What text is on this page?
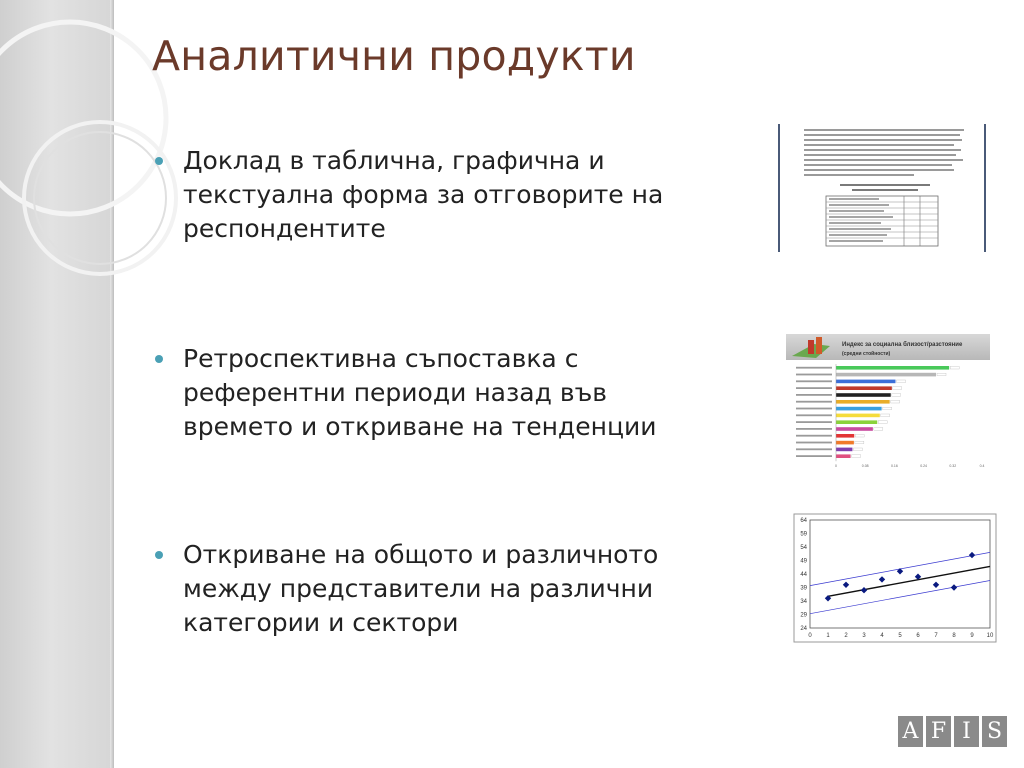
Аналитични продукти
Доклад в таблична, графична и
текстуална форма за отговорите на
респондентите
Ретроспективна съпоставка с
референтни периоди назад във
времето и откриване на тенденции
Откриване на общото и различното
между представители на различни
категории и сектори
Индекс за социална близост/разстояние
(средни стойности)
0	0.08	0.16	0.24	0.32	0.4
64
59
54
49
44
39
34
29
24
0 1 2 3 4 5 6 7 8 9 10
A F I S
